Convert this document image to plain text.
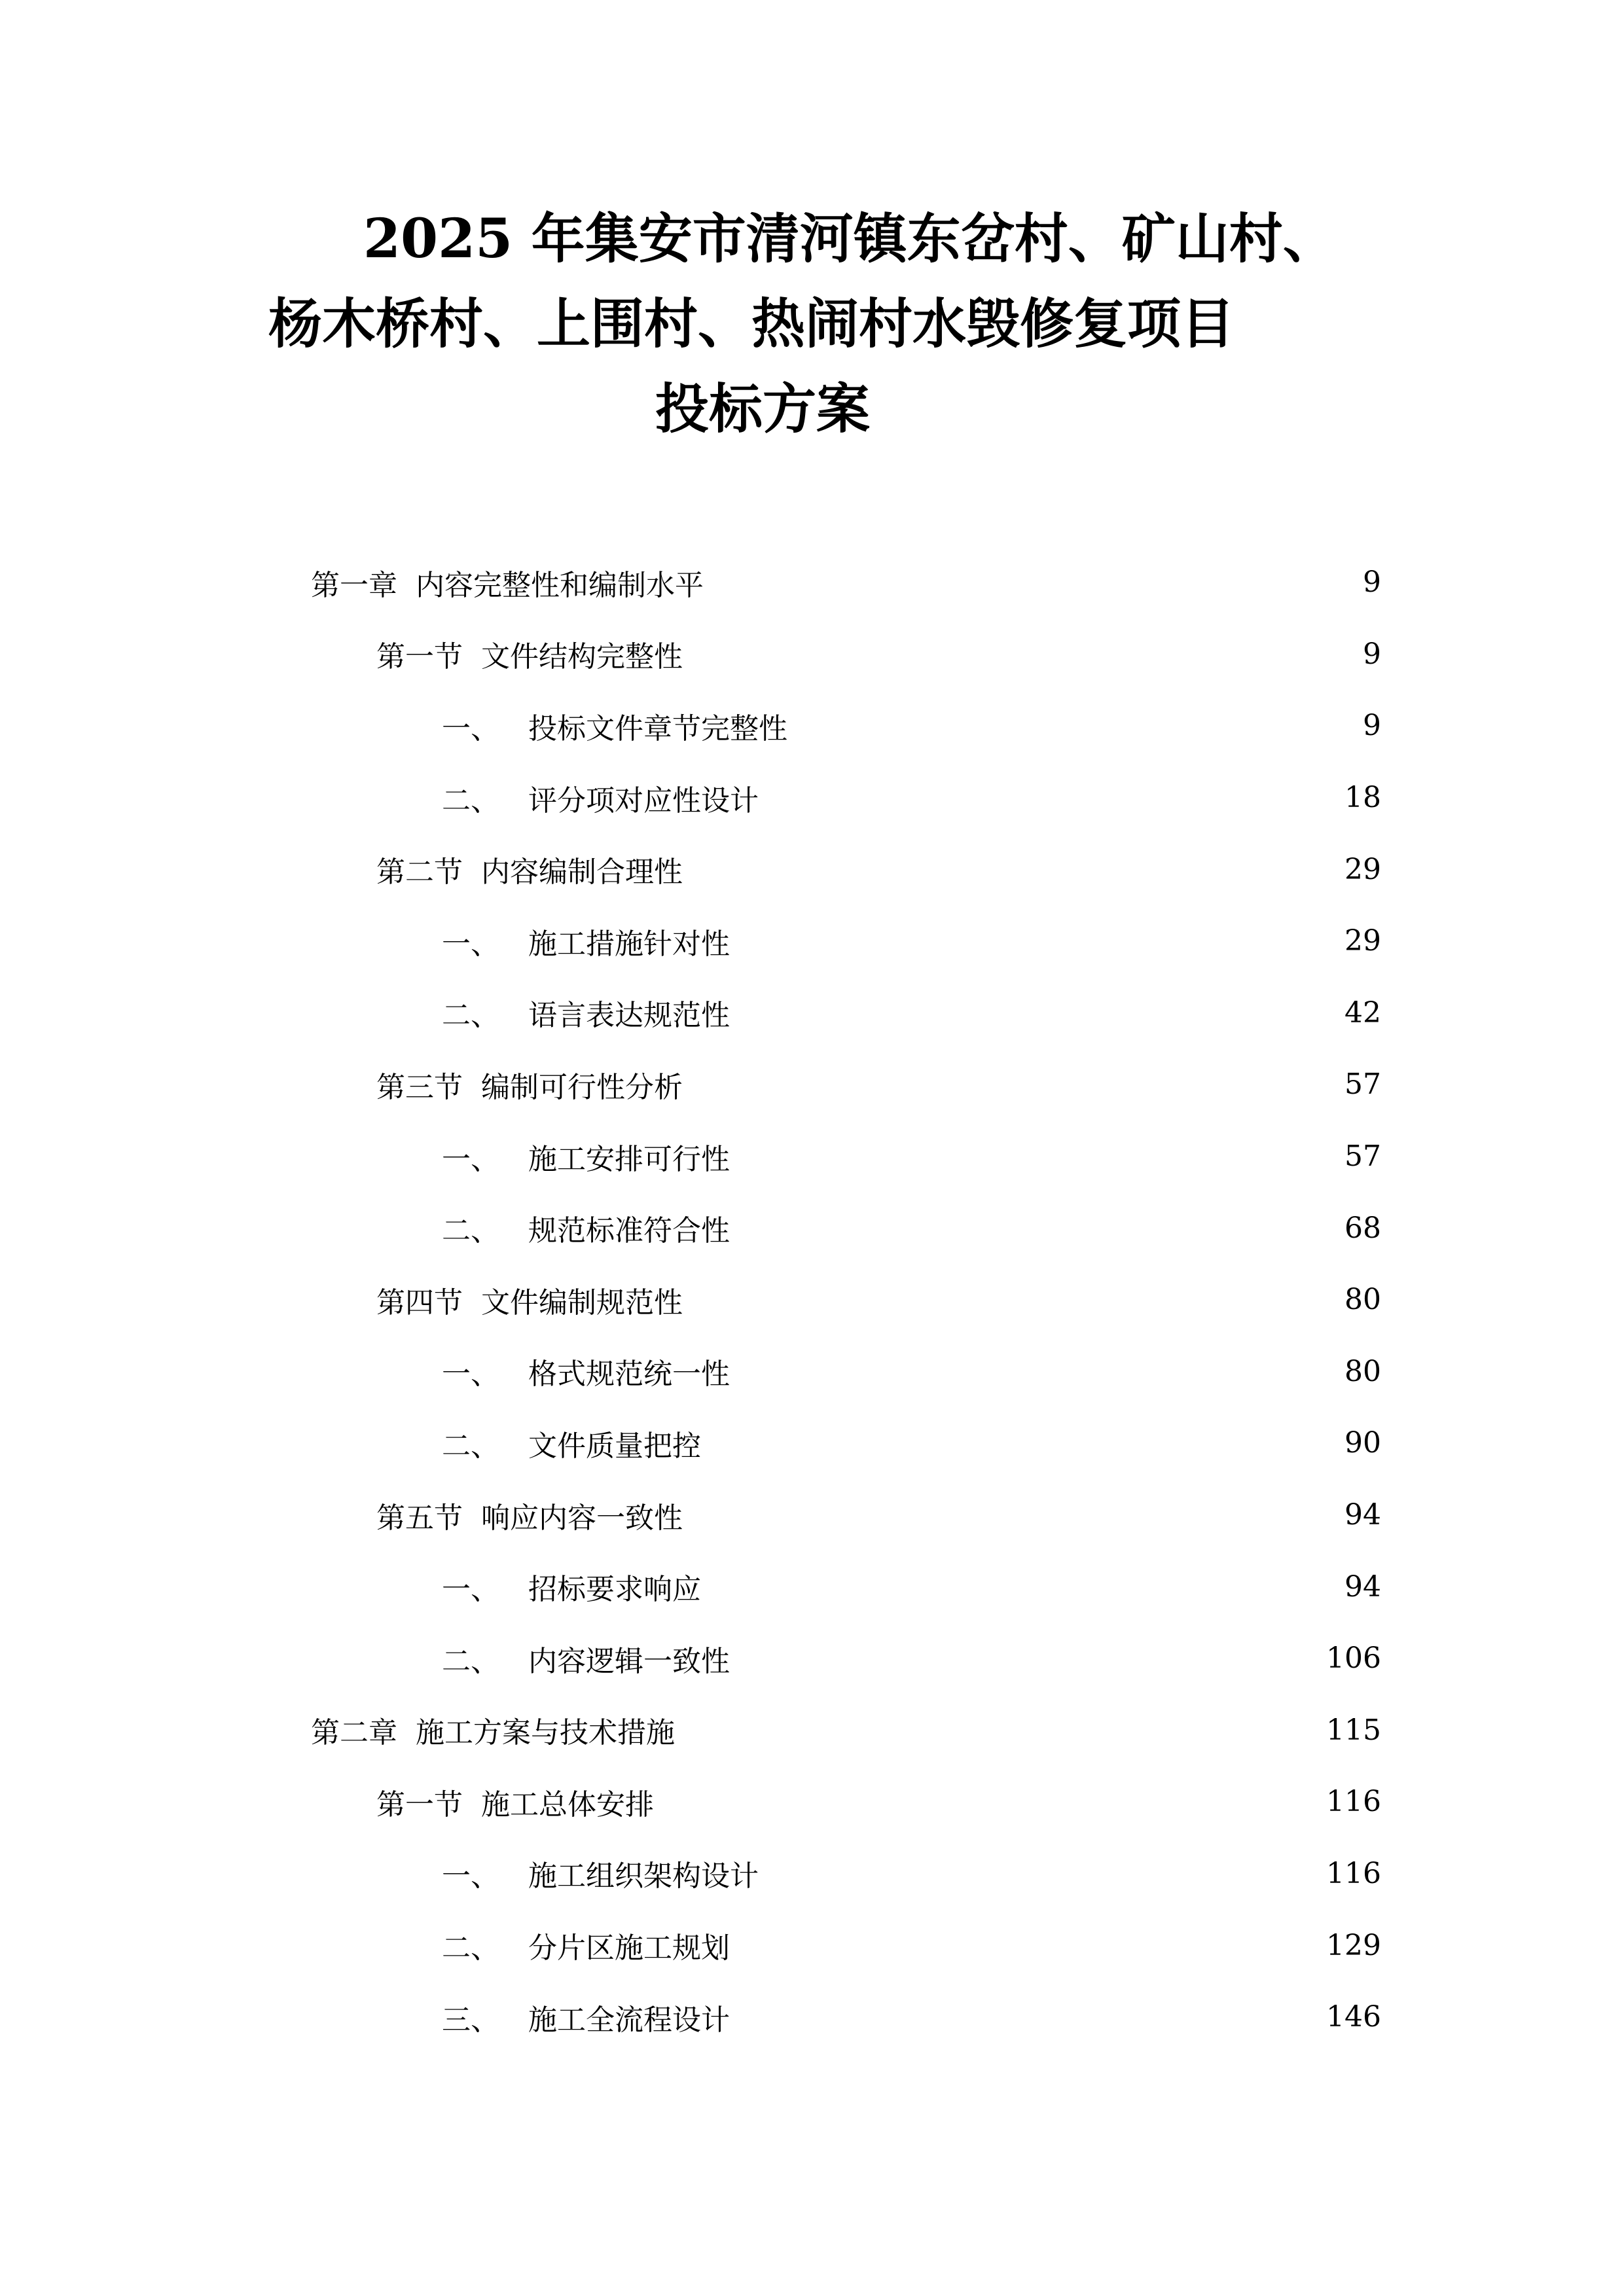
2025 年集安市清河镇东岔村、矿山村、
杨木桥村、上围村、热闹村水毁修复项目
投标方案
第一章 内容完整性和编制水平	9
第一节 文件结构完整性	9
一、	投标文件章节完整性	9
二、	评分项对应性设计	18
第二节 内容编制合理性	29
一、	施工措施针对性	29
二、	语言表达规范性	42
第三节 编制可行性分析	57
一、	施工安排可行性	57
二、	规范标准符合性	68
第四节 文件编制规范性	80
一、	格式规范统一性	80
二、	文件质量把控	90
第五节 响应内容一致性	94
一、	招标要求响应	94
二、	内容逻辑一致性	106
第二章 施工方案与技术措施	115
第一节 施工总体安排	116
一、	施工组织架构设计	116
二、	分片区施工规划	129
三、	施工全流程设计	146
